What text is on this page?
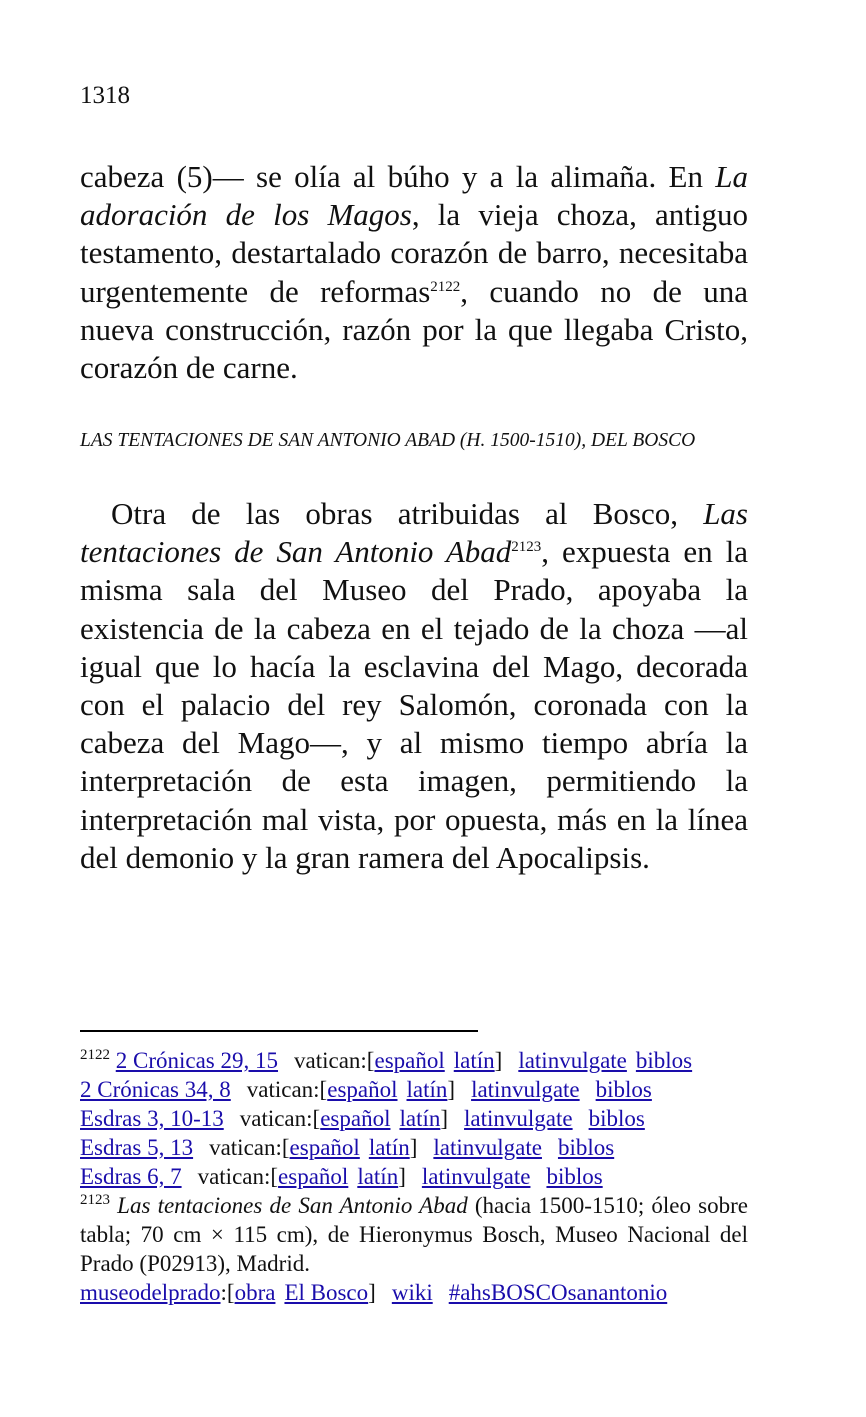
1318
cabeza (5)— se olía al búho y a la alimaña. En La adoración de los Magos, la vieja choza, antiguo testamento, destartalado corazón de barro, necesitaba urgentemente de reformas$^{2122}$, cuando no de una nueva construcción, razón por la que llegaba Cristo, corazón de carne.
LAS TENTACIONES DE SAN ANTONIO ABAD (H. 1500-1510), DEL BOSCO
Otra de las obras atribuidas al Bosco, Las tentaciones de San Antonio Abad$^{2123}$, expuesta en la misma sala del Museo del Prado, apoyaba la existencia de la cabeza en el tejado de la choza —al igual que lo hacía la esclavina del Mago, decorada con el palacio del rey Salomón, coronada con la cabeza del Mago—, y al mismo tiempo abría la interpretación de esta imagen, permitiendo la interpretación mal vista, por opuesta, más en la línea del demonio y la gran ramera del Apocalipsis.
$^{2122}$ 2 Crónicas 29, 15 vatican:[español latín] latinvulgate biblos
2 Crónicas 34, 8 vatican:[español latín] latinvulgate biblos
Esdras 3, 10-13 vatican:[español latín] latinvulgate biblos
Esdras 5, 13 vatican:[español latín] latinvulgate biblos
Esdras 6, 7 vatican:[español latín] latinvulgate biblos
$^{2123}$ Las tentaciones de San Antonio Abad (hacia 1500-1510; óleo sobre tabla; 70 cm × 115 cm), de Hieronymus Bosch, Museo Nacional del Prado (P02913), Madrid.
museodelprado:[obra El Bosco] wiki #ahsBOSCOsanantonio
